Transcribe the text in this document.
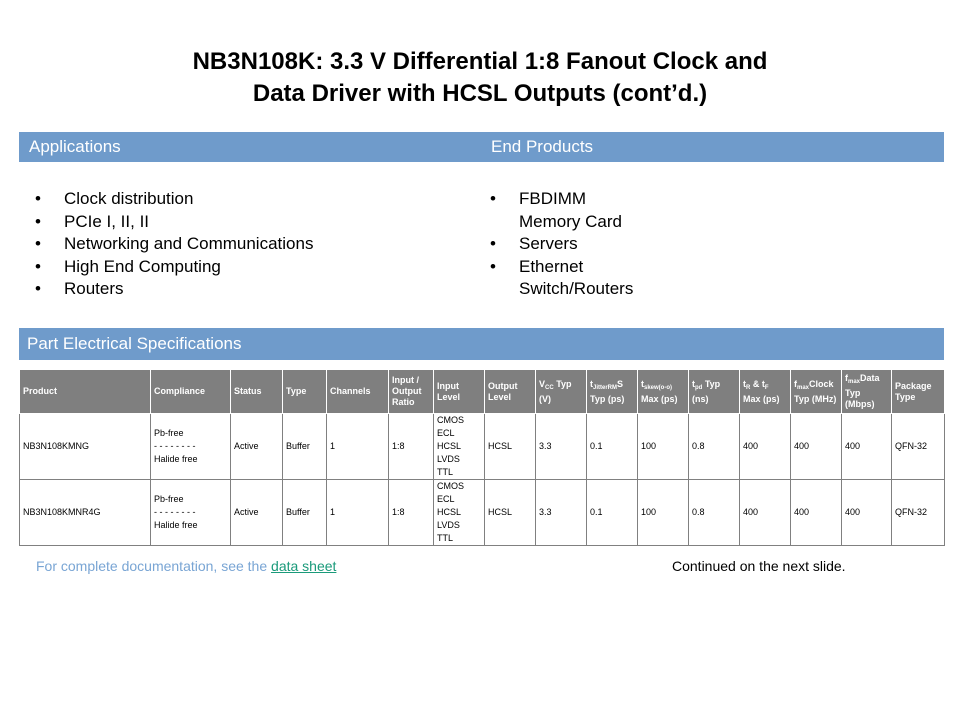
NB3N108K: 3.3 V Differential 1:8 Fanout Clock and
Data Driver with HCSL Outputs (cont’d.)
Applications	End Products
• Clock distribution
• PCIe I, II, II
• Networking and Communications
• High End Computing
• Routers
• FBDIMM
Memory Card
• Servers
• Ethernet
Switch/Routers
Part Electrical Specifications
Product	Compliance	Status	Type	Channels	Input / Output Ratio	Input Level	Output Level	$V_{CC}$ Typ (V)	$t_{JitterRM}S$ Typ (ps)	$t_{skew(o-o)}$ Max (ps)	$t_{pd}$ Typ (ns)	$t_R$ & $t_F$ Max (ps)	$f_{max}Clock$ Typ (MHz)	$f_{max}Data$ Typ (Mbps)	Package Type
NB3N108KMNG	Pb-free
- - - - - - - -
Halide free	Active	Buffer	1	1:8	CMOS
ECL
HCSL
LVDS
TTL	HCSL	3.3	0.1	100	0.8	400	400	400	QFN-32
NB3N108KMNR4G	Pb-free
- - - - - - - -
Halide free	Active	Buffer	1	1:8	CMOS
ECL
HCSL
LVDS
TTL	HCSL	3.3	0.1	100	0.8	400	400	400	QFN-32
For complete documentation, see the data sheet	Continued on the next slide.
